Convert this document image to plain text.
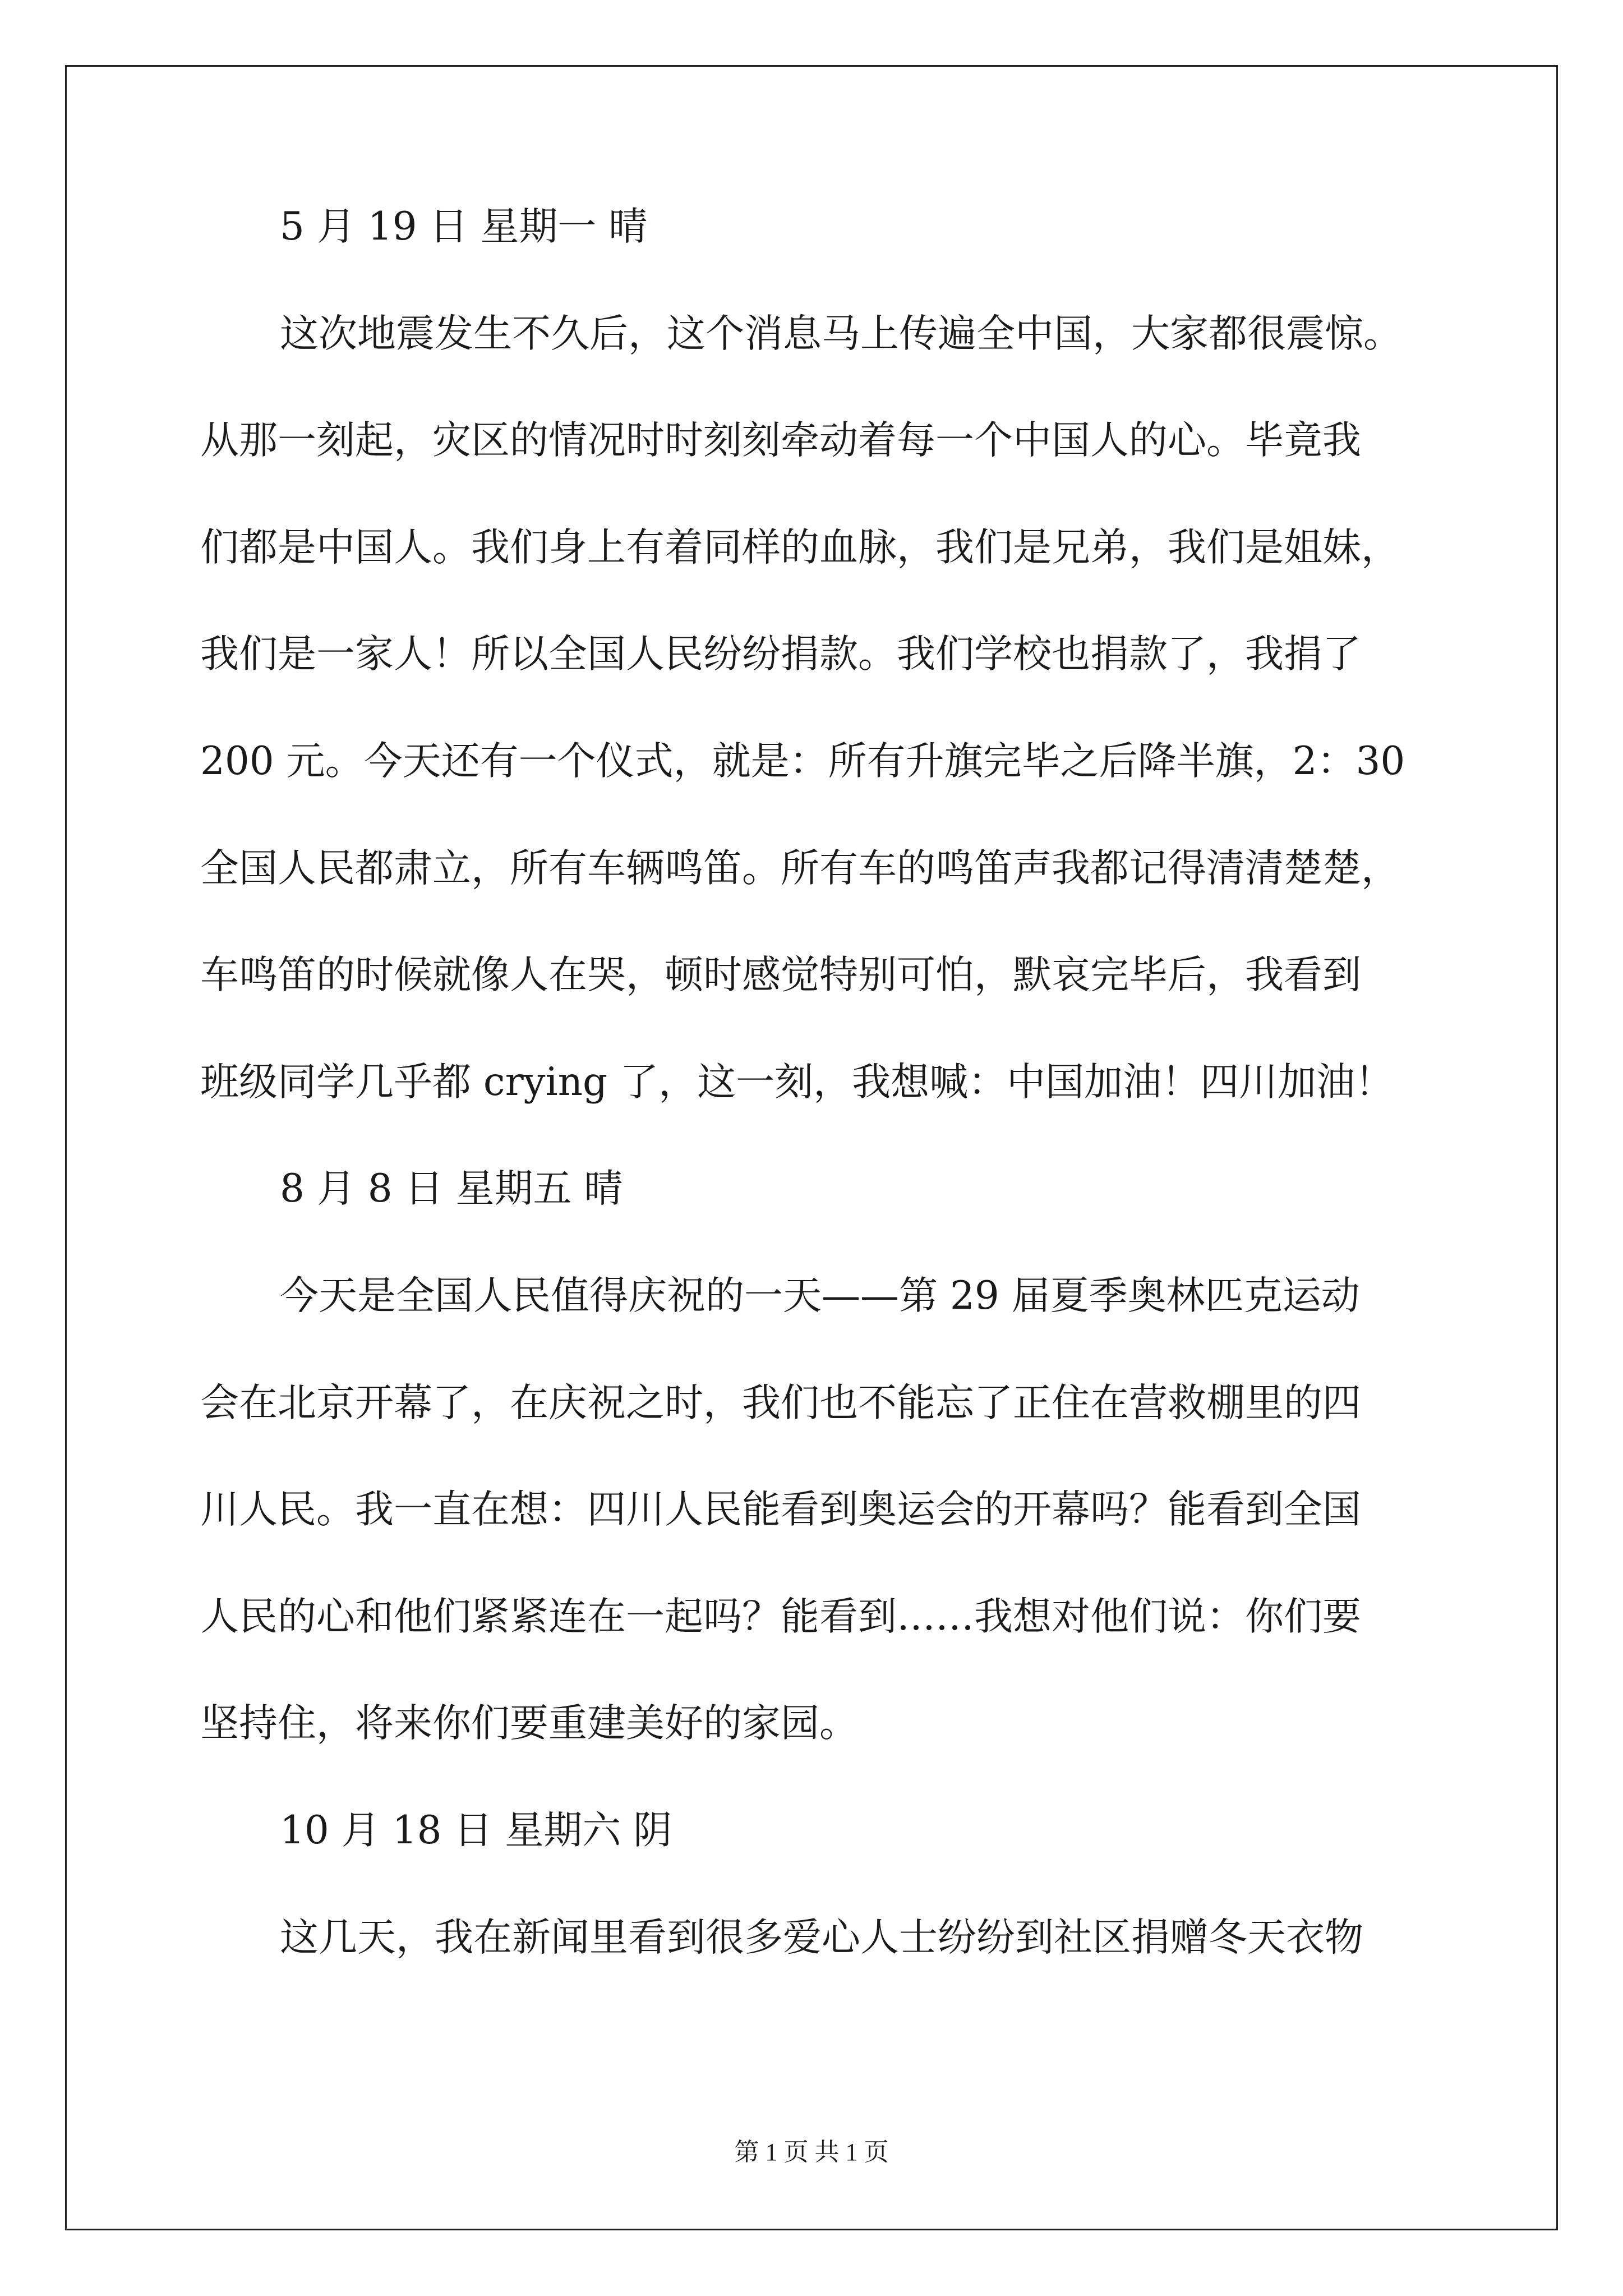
5 月 19 日 星期一 晴
这次地震发生不久后，这个消息马上传遍全中国，大家都很震惊。
从那一刻起，灾区的情况时时刻刻牵动着每一个中国人的心。毕竟我
们都是中国人。我们身上有着同样的血脉，我们是兄弟，我们是姐妹，
我们是一家人！所以全国人民纷纷捐款。我们学校也捐款了，我捐了
200 元。今天还有一个仪式，就是：所有升旗完毕之后降半旗，2：30
全国人民都肃立，所有车辆鸣笛。所有车的鸣笛声我都记得清清楚楚，
车鸣笛的时候就像人在哭，顿时感觉特别可怕，默哀完毕后，我看到
班级同学几乎都 crying 了，这一刻，我想喊：中国加油！四川加油！
8 月 8 日 星期五 晴
今天是全国人民值得庆祝的一天——第 29 届夏季奥林匹克运动
会在北京开幕了，在庆祝之时，我们也不能忘了正住在营救棚里的四
川人民。我一直在想：四川人民能看到奥运会的开幕吗？能看到全国
人民的心和他们紧紧连在一起吗？能看到……我想对他们说：你们要
坚持住，将来你们要重建美好的家园。
10 月 18 日 星期六 阴
这几天，我在新闻里看到很多爱心人士纷纷到社区捐赠冬天衣物
第 1 页 共 1 页
